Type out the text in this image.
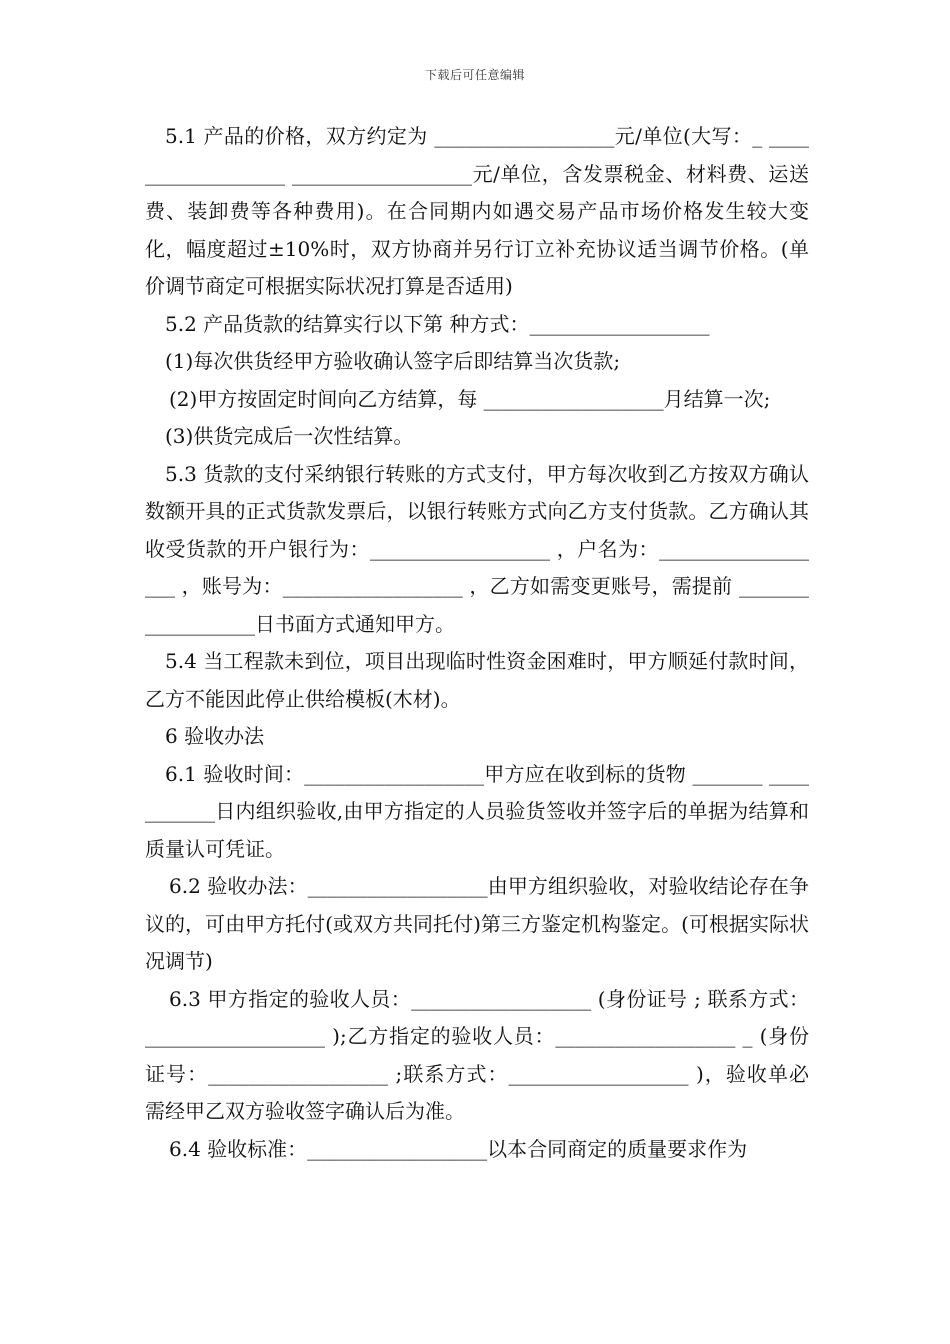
下载后可任意编辑

5.1 产品的价格，双方约定为 __________________元/单位(大写：_ __________________ __________________元/单位，含发票税金、材料费、运送费、装卸费等各种费用)。在合同期内如遇交易产品市场价格发生较大变化，幅度超过±10%时，双方协商并另行订立补充协议适当调节价格。(单价调节商定可根据实际状况打算是否适用)

5.2 产品货款的结算实行以下第 种方式：__________________

(1)每次供货经甲方验收确认签字后即结算当次货款;

(2)甲方按固定时间向乙方结算，每 __________________月结算一次;

(3)供货完成后一次性结算。

5.3 货款的支付采纳银行转账的方式支付，甲方每次收到乙方按双方确认数额开具的正式货款发票后，以银行转账方式向乙方支付货款。乙方确认其收受货款的开户银行为：__________________ ，户名为：__________________ ，账号为：__________________ ，乙方如需变更账号，需提前 __________________日书面方式通知甲方。

5.4 当工程款未到位，项目出现临时性资金困难时，甲方顺延付款时间，乙方不能因此停止供给模板(木材)。

6 验收办法

6.1 验收时间：__________________甲方应在收到标的货物 _______ ___________日内组织验收,由甲方指定的人员验货签收并签字后的单据为结算和质量认可凭证。

6.2 验收办法：__________________由甲方组织验收，对验收结论存在争议的，可由甲方托付(或双方共同托付)第三方鉴定机构鉴定。(可根据实际状况调节)

6.3 甲方指定的验收人员：__________________ (身份证号 ; 联系方式：__________________ );乙方指定的验收人员：__________________ _ (身份证号：__________________ ;联系方式：__________________ )，验收单必需经甲乙双方验收签字确认后为准。

6.4 验收标准：__________________以本合同商定的质量要求作为
